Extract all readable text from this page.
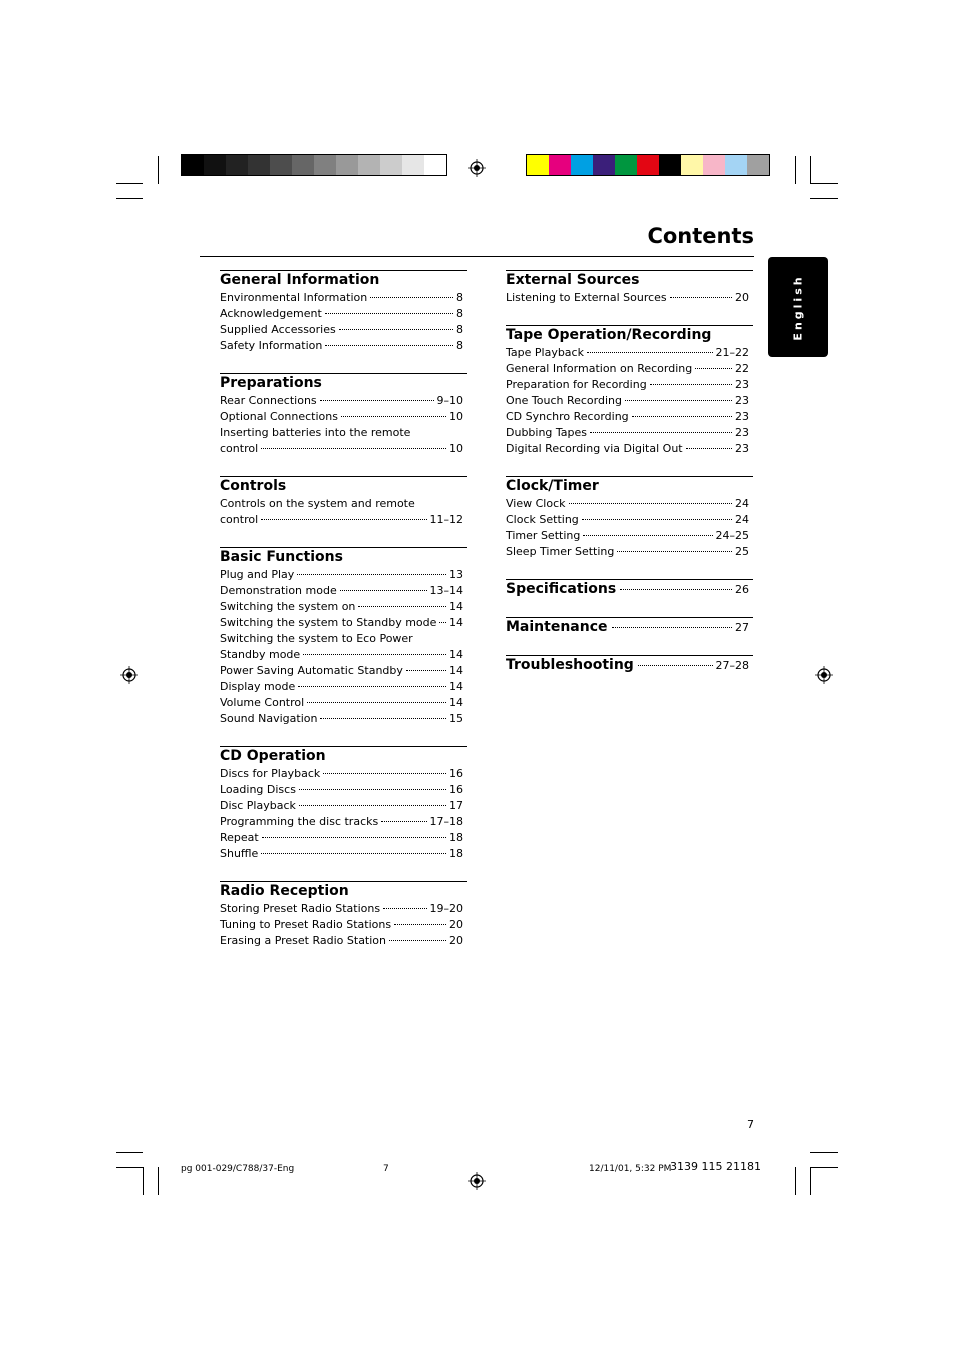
Contents
English
General Information
Environmental Information	8
Acknowledgement	8
Supplied Accessories	8
Safety Information	8
Preparations
Rear Connections	9–10
Optional Connections	10
Inserting batteries into the remote
control	10
Controls
Controls on the system and remote
control	11–12
Basic Functions
Plug and Play	13
Demonstration mode	13–14
Switching the system on	14
Switching the system to Standby mode 14
Switching the system to Eco Power
Standby mode	14
Power Saving Automatic Standby	14
Display mode	14
Volume Control	14
Sound Navigation	15
CD Operation
Discs for Playback	16
Loading Discs	16
Disc Playback	17
Programming the disc tracks	17–18
Repeat	18
Shuffle	18
Radio Reception
Storing Preset Radio Stations	19–20
Tuning to Preset Radio Stations	20
Erasing a Preset Radio Station	20
External Sources
Listening to External Sources	20
Tape Operation/Recording
Tape Playback	21–22
General Information on Recording	22
Preparation for Recording	23
One Touch Recording	23
CD Synchro Recording	23
Dubbing Tapes	23
Digital Recording via Digital Out	23
Clock/Timer
View Clock	24
Clock Setting	24
Timer Setting	24–25
Sleep Timer Setting	25
Specifications	26
Maintenance	27
Troubleshooting	27–28
7
pg 001-029/C788/37-Eng	7	12/11/01, 5:32 PM
3139 115 21181
